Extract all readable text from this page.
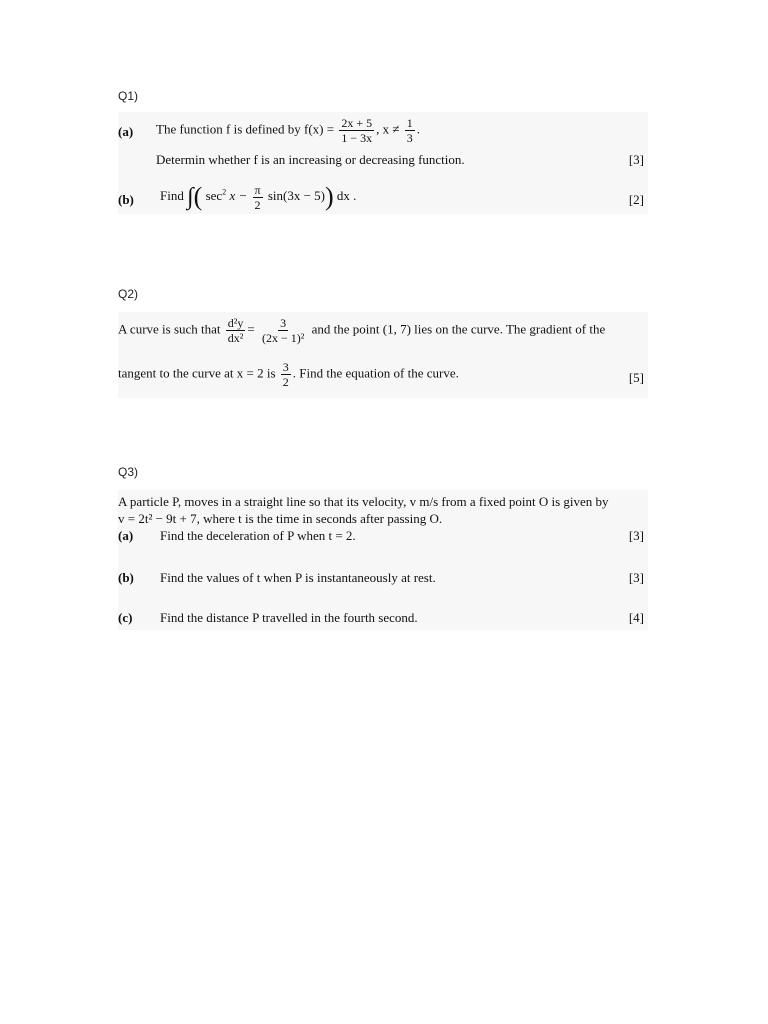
Q1)
(a) The function f is defined by $f(x) = \frac{2x + 5}{1 - 3x}$ , $x \ne \frac{1}{3}$ .
Determin whether f is an increasing or decreasing function.	[3]
(b) Find ∫( $\sec^2 x - \frac{\pi}{2} \sin(3x - 5)$) dx .	[2]
Q2)
A curve is such that $\frac{\text{d²y}}{\text{dx²}} = \frac{3}{\text{(2x − 1)²}}$ and the point (1, 7) lies on the curve. The gradient of the
tangent to the curve at x = 2 is $\frac{3}{2}$ . Find the equation of the curve.	[5]
Q3)
A particle P, moves in a straight line so that its velocity, v m/s from a fixed point O is given by
v = 2t² − 9t + 7, where t is the time in seconds after passing O.
(a) Find the deceleration of P when t = 2.	[3]
(b) Find the values of t when P is instantaneously at rest.	[3]
(c) Find the distance P travelled in the fourth second.	[4]
